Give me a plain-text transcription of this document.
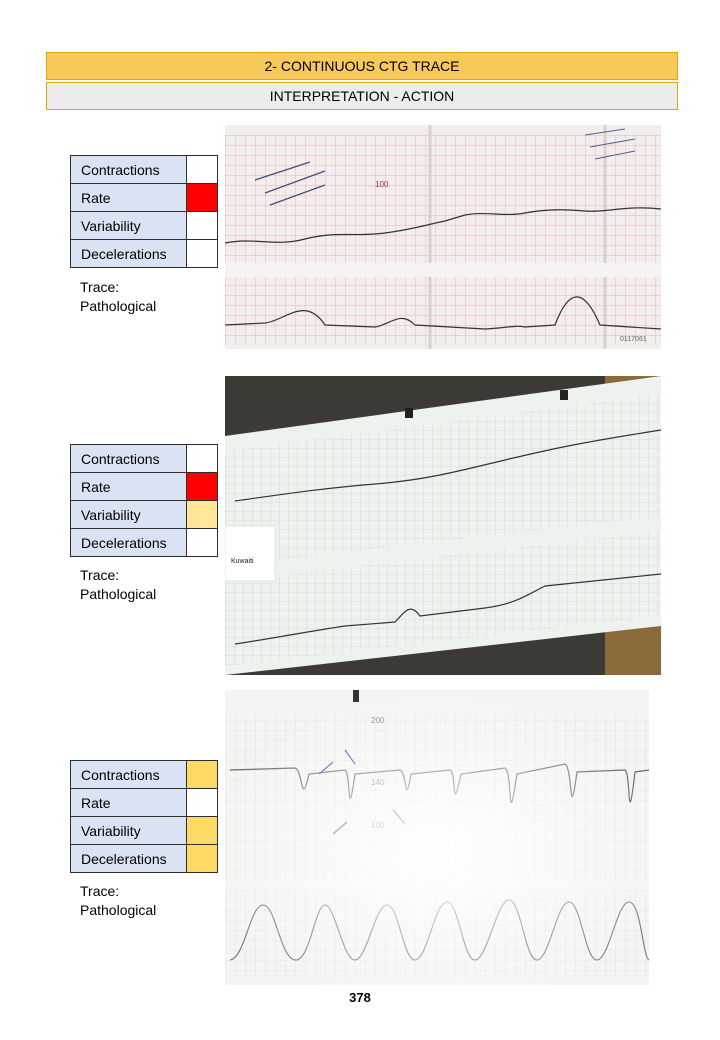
2- CONTINUOUS CTG TRACE
INTERPRETATION - ACTION
Contractions	
Rate	
Variability	
Decelerations	
Trace:
Pathological
100
0117061
Contractions	
Rate	
Variability	
Decelerations	
Trace:
Pathological
Kuwaiti
Contractions	
Rate	
Variability	
Decelerations	
Trace:
Pathological
378
